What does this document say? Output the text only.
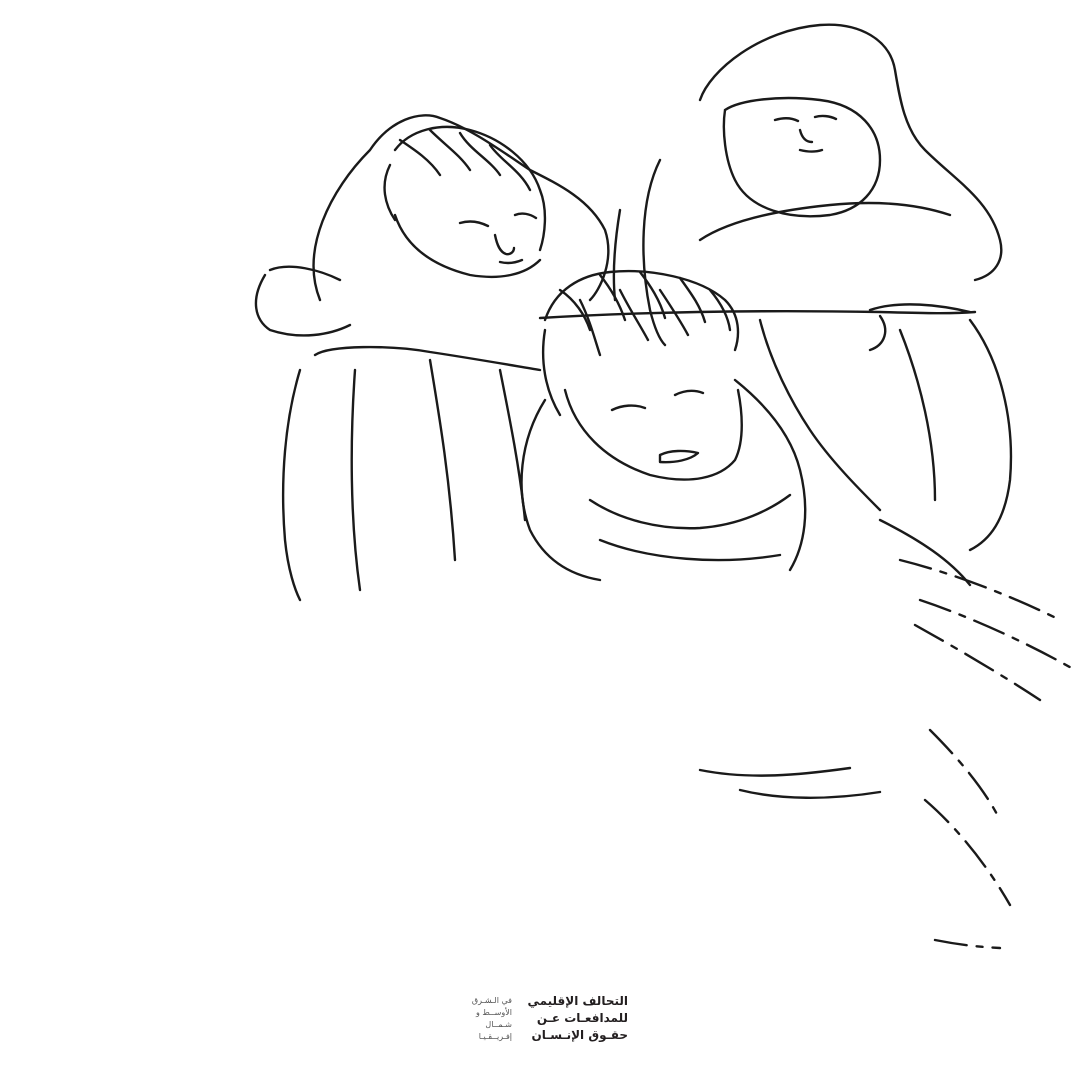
التحالف الإقليمي
للمدافعـات عـن
حقـوق الإنـسـان
في الـشـرق
الأوســط و
شـمــال
إفـريــقـيـا
